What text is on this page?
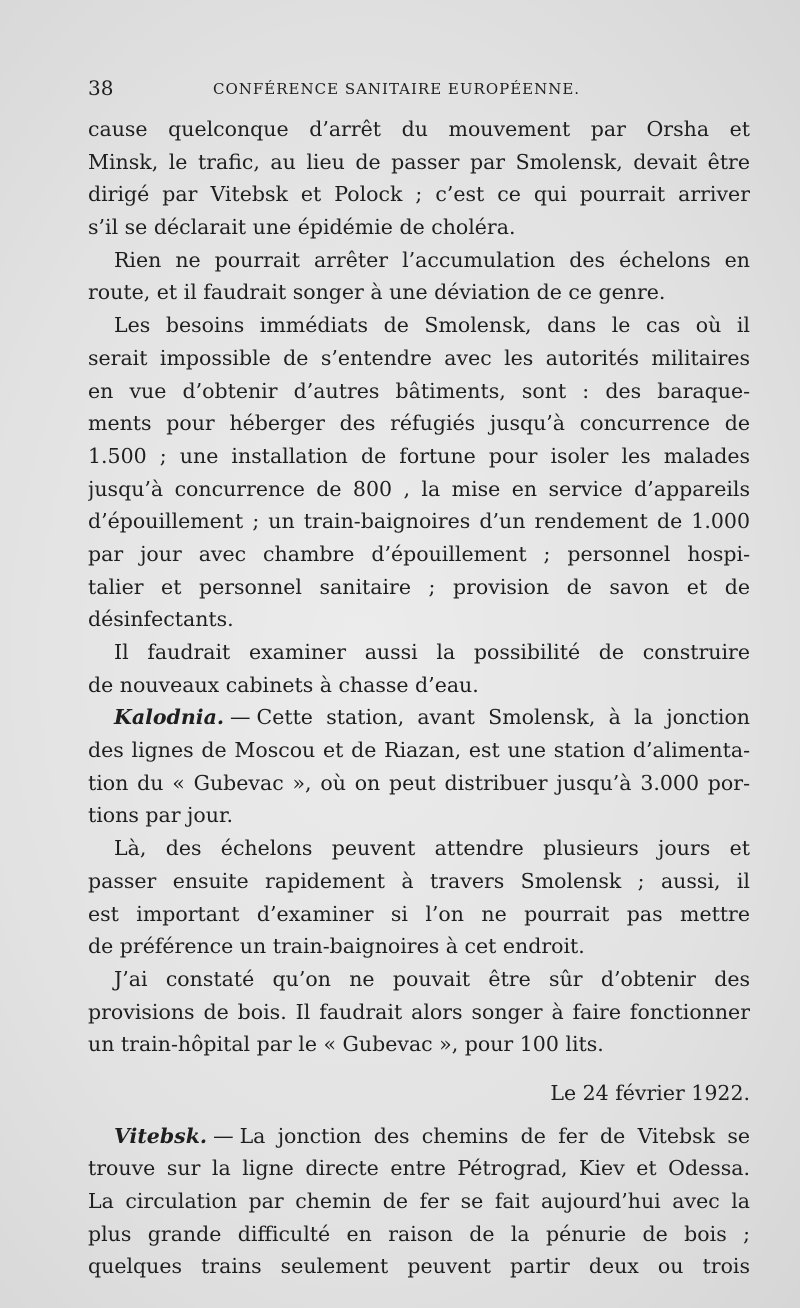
38	CONFÉRENCE SANITAIRE EUROPÉENNE.
cause quelconque d’arrêt du mouvement par Orsha et
Minsk, le trafic, au lieu de passer par Smolensk, devait être
dirigé par Vitebsk et Polock ; c’est ce qui pourrait arriver
s’il se déclarait une épidémie de choléra.
Rien ne pourrait arrêter l’accumulation des échelons en
route, et il faudrait songer à une déviation de ce genre.
Les besoins immédiats de Smolensk, dans le cas où il
serait impossible de s’entendre avec les autorités militaires
en vue d’obtenir d’autres bâtiments, sont : des baraque-
ments pour héberger des réfugiés jusqu’à concurrence de
1.500 ; une installation de fortune pour isoler les malades
jusqu’à concurrence de 800 , la mise en service d’appareils
d’épouillement ; un train-baignoires d’un rendement de 1.000
par jour avec chambre d’épouillement ; personnel hospi-
talier et personnel sanitaire ; provision de savon et de
désinfectants.
Il faudrait examiner aussi la possibilité de construire
de nouveaux cabinets à chasse d’eau.
Kalodnia. — Cette station, avant Smolensk, à la jonction
des lignes de Moscou et de Riazan, est une station d’alimenta-
tion du « Gubevac », où on peut distribuer jusqu’à 3.000 por-
tions par jour.
Là, des échelons peuvent attendre plusieurs jours et
passer ensuite rapidement à travers Smolensk ; aussi, il
est important d’examiner si l’on ne pourrait pas mettre
de préférence un train-baignoires à cet endroit.
J’ai constaté qu’on ne pouvait être sûr d’obtenir des
provisions de bois. Il faudrait alors songer à faire fonctionner
un train-hôpital par le « Gubevac », pour 100 lits.
Le 24 février 1922.
Vitebsk. — La jonction des chemins de fer de Vitebsk se
trouve sur la ligne directe entre Pétrograd, Kiev et Odessa.
La circulation par chemin de fer se fait aujourd’hui avec la
plus grande difficulté en raison de la pénurie de bois ;
quelques trains seulement peuvent partir deux ou trois
